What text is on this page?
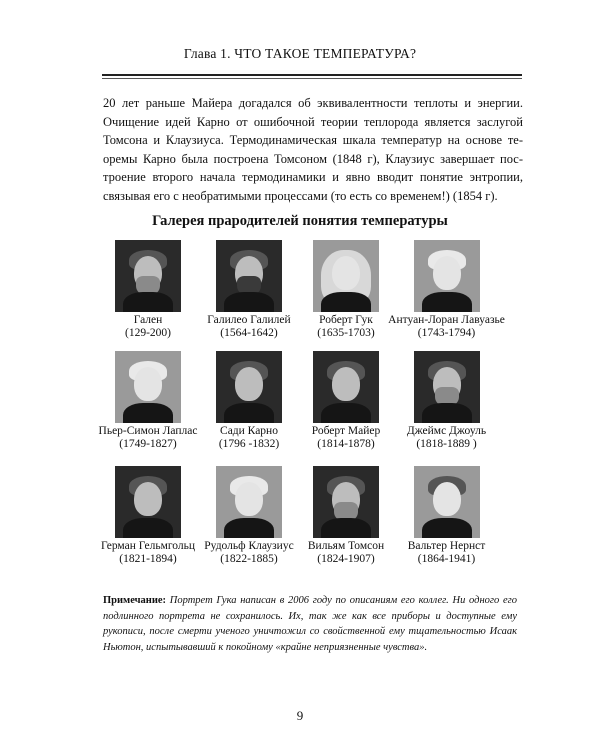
Глава 1. ЧТО ТАКОЕ ТЕМПЕРАТУРА?
20 лет раньше Майера догадался об эквивалентности теплоты и энергии.
Очищение идей Карно от ошибочной теории теплорода является заслугой
Томсона и Клаузиуса. Термодинамическая шкала температур на основе те-
оремы Карно была построена Томсоном (1848 г), Клаузиус завершает пос-
троение второго начала термодинамики и явно вводит понятие энтропии,
связывая его с необратимыми процессами (то есть со временем!) (1854 г).
Галерея прародителей понятия температуры
Гален
(129-200)
Галилео Галилей
(1564-1642)
Роберт Гук
(1635-1703)
Антуан-Лоран Лавуазье
(1743-1794)
Пьер-Симон Лаплас
(1749-1827)
Сади Карно
(1796 -1832)
Роберт Майер
(1814-1878)
Джеймс Джоуль
(1818-1889 )
Герман Гельмгольц
(1821-1894)
Рудольф Клаузиус
(1822-1885)
Вильям Томсон
(1824-1907)
Вальтер Нернст
(1864-1941)
Примечание: Портрет Гука написан в 2006 году по описаниям его коллег. Ни одного его подлинного портрета не сохранилось. Их, так же как все приборы и доступные ему рукописи, после смерти ученого уничтожил со свойственной ему тщательностью Исаак Ньютон, испытывавший к покойному «крайне неприязненные чувства».
9
